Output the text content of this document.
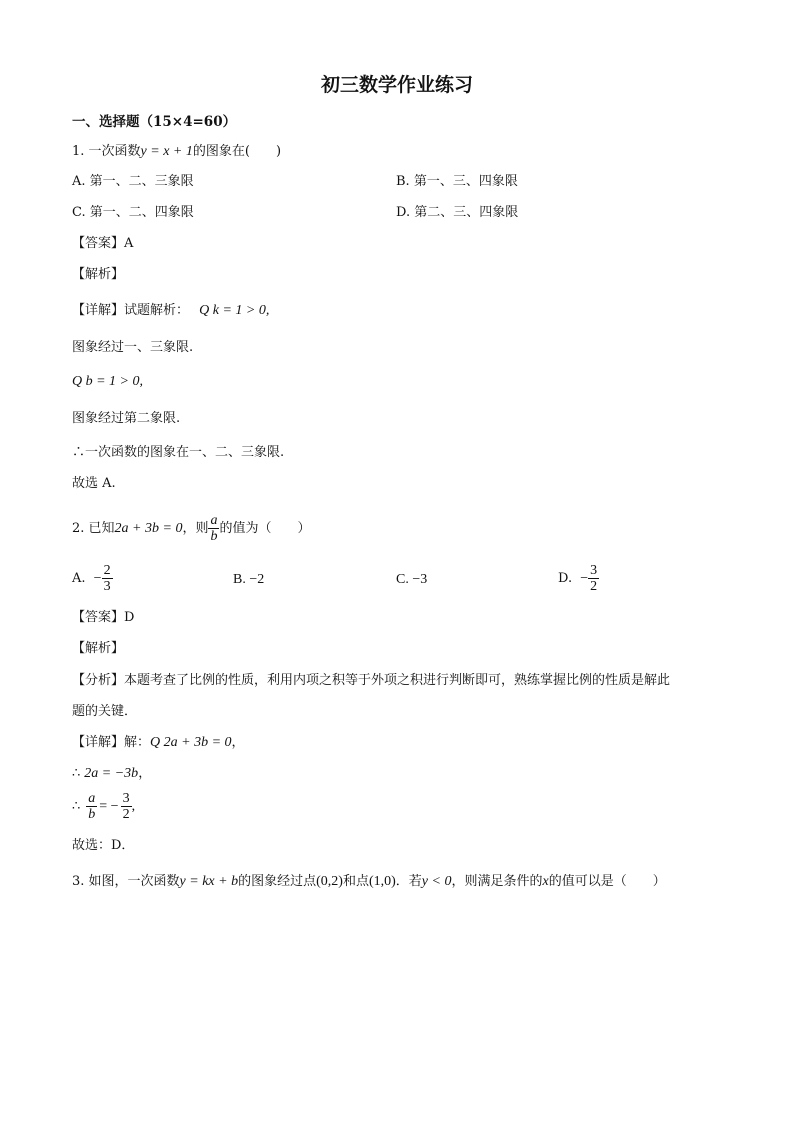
初三数学作业练习
一、选择题（15×4=60）
1. 一次函数y = x + 1的图象在(　　)
A. 第一、二、三象限	B. 第一、三、四象限
C. 第一、二、四象限	D. 第二、三、四象限
【答案】A
【解析】
【详解】试题解析： Q k = 1 > 0,
图象经过一、三象限.
Q b = 1 > 0,
图象经过第二象限.
∴一次函数的图象在一、二、三象限.
故选 A.
2. 已知2a + 3b = 0，则 $\frac{a}{b}$ 的值为（　　）
A. − $\frac{2}{3}$	B. −2	C. −3	D. − $\frac{3}{2}$
【答案】D
【解析】
【分析】本题考查了比例的性质，利用内项之积等于外项之积进行判断即可，熟练掌握比例的性质是解此
题的关键．
【详解】解：Q 2a + 3b = 0，
∴ 2a = −3b，
∴ $\frac{a}{b}$ = − $\frac{3}{2}$ ,
故选：D．
3. 如图，一次函数y = kx + b的图象经过点(0,2)和点(1,0)．若y < 0，则满足条件的x的值可以是（　　）
